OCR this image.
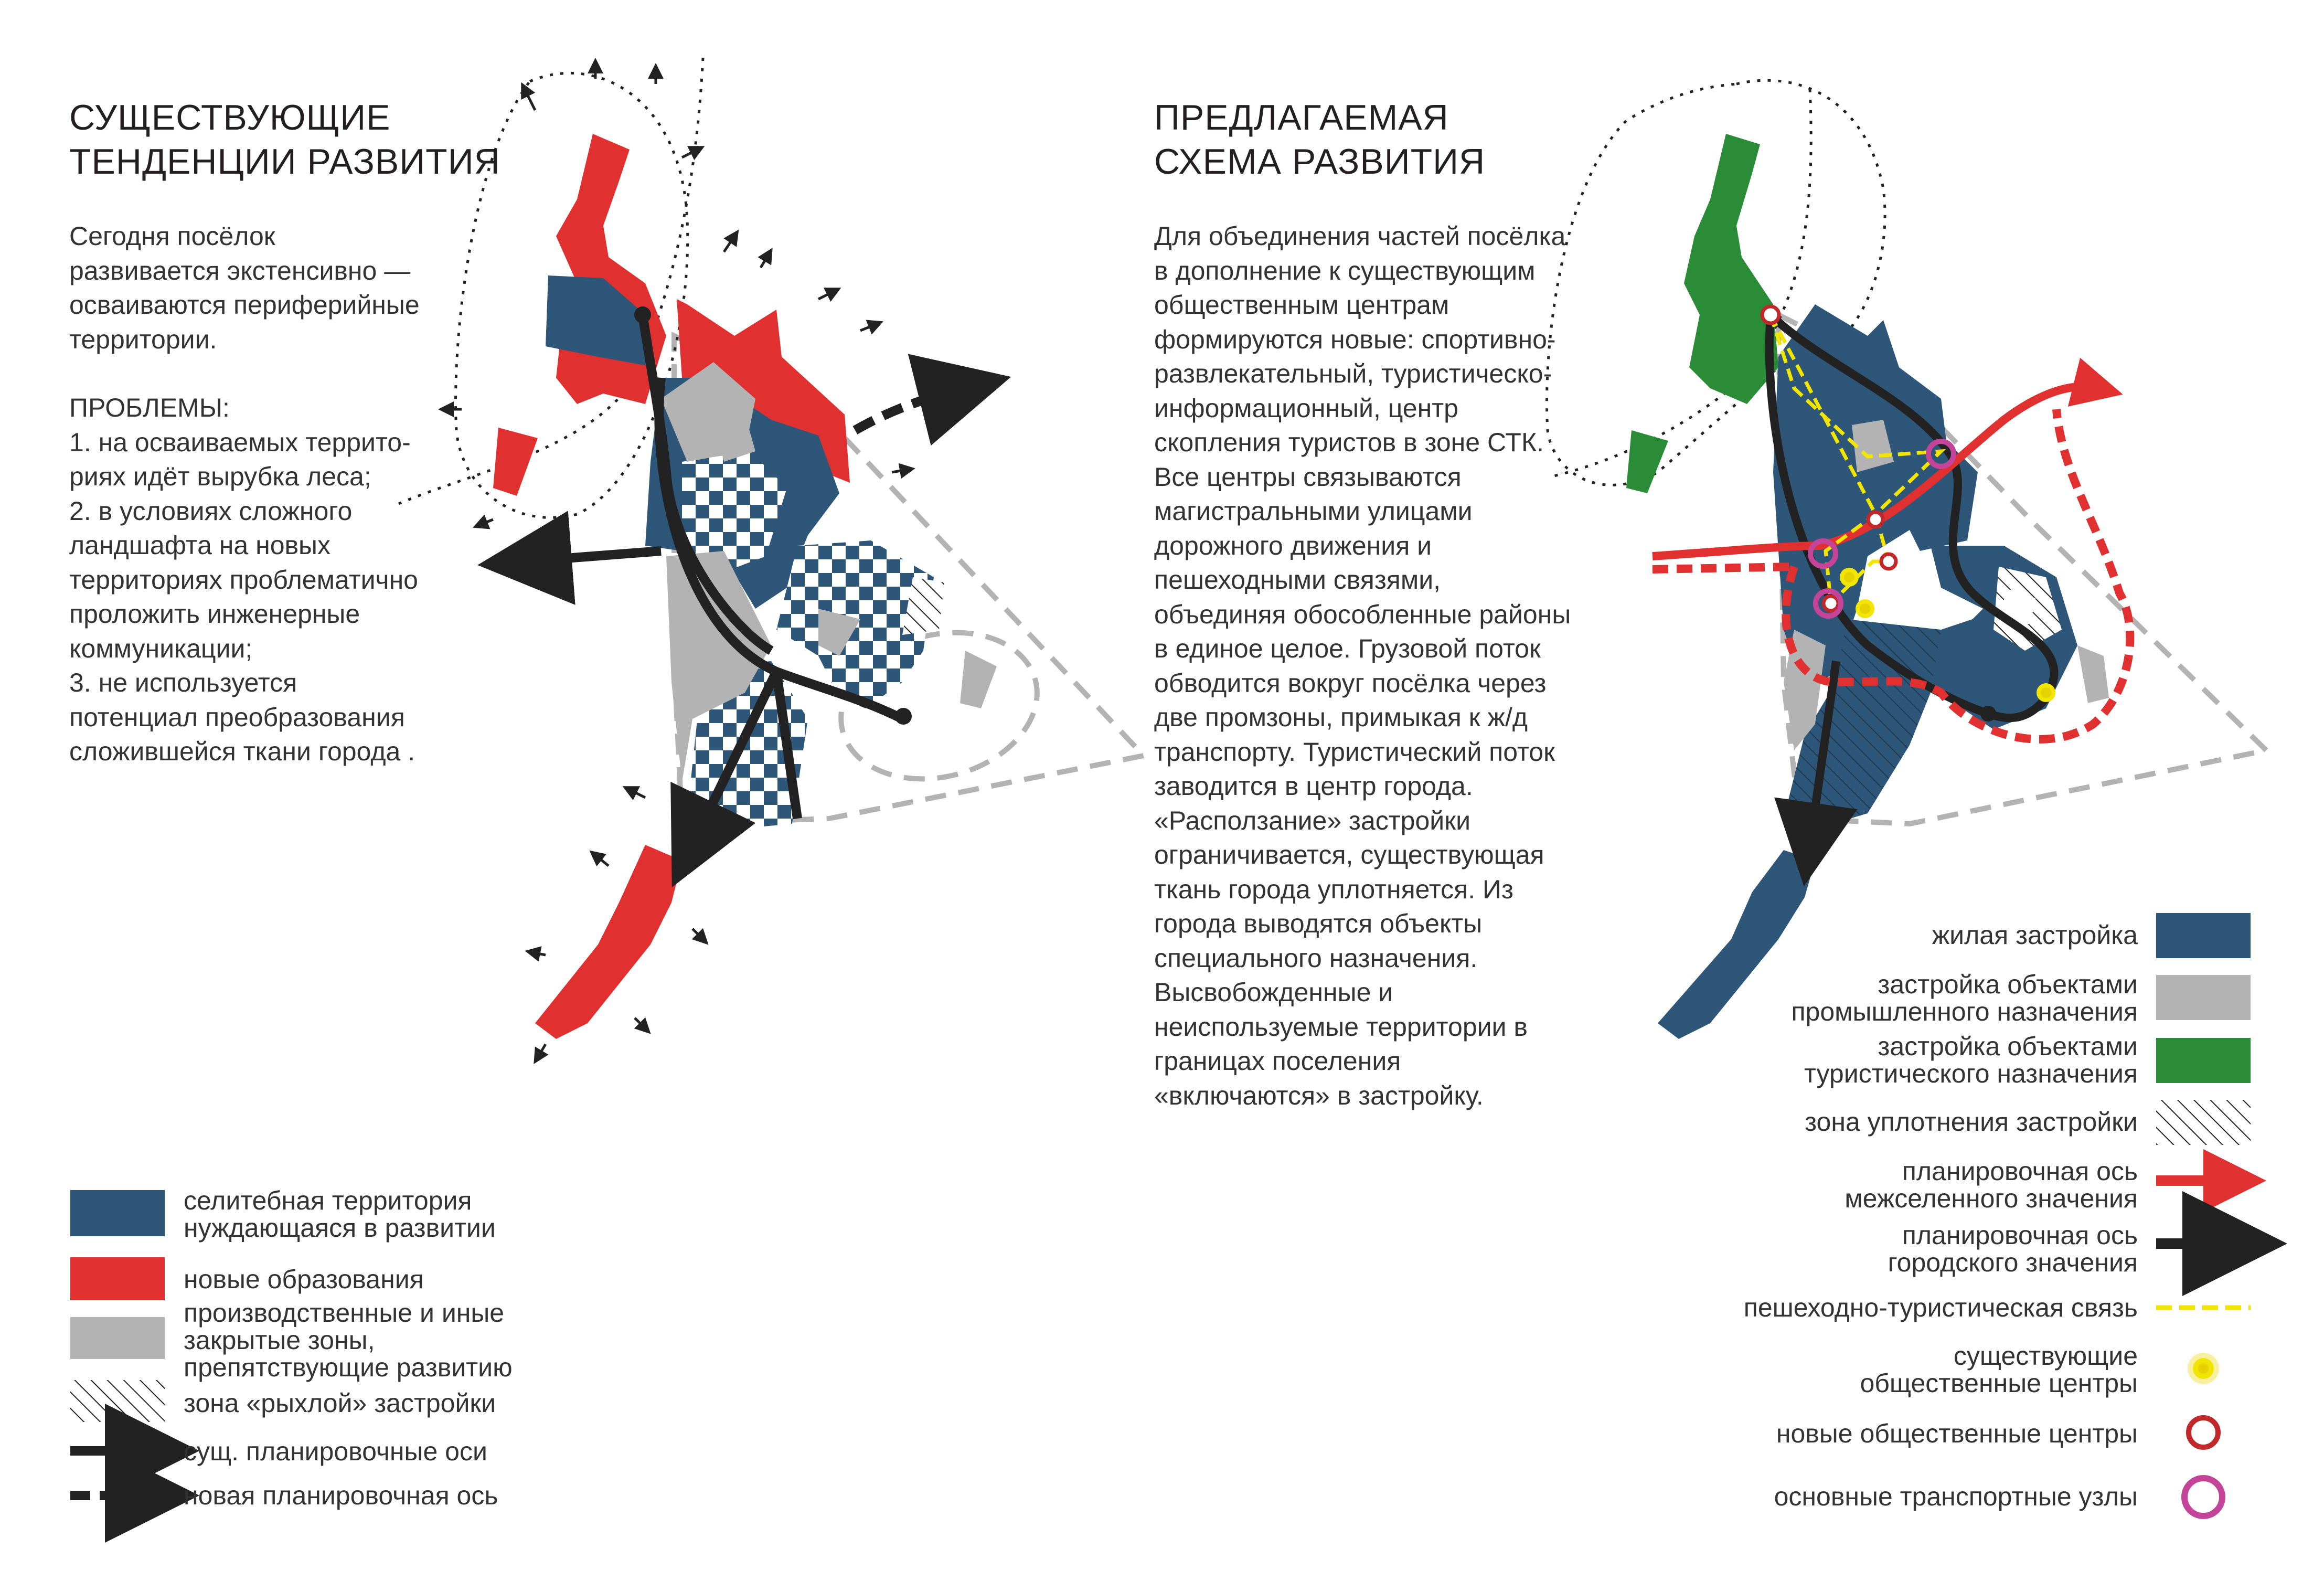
СУЩЕСТВУЮЩИЕ
ТЕНДЕНЦИИ РАЗВИТИЯ
Сегодня посёлок
развивается экстенсивно —
осваиваются периферийные
территории.
ПРОБЛЕМЫ:
1. на осваиваемых террито-
риях идёт вырубка леса;
2. в условиях сложного
ландшафта на новых
территориях проблематично
проложить инженерные
коммуникации;
3. не используется
потенциал преобразования
сложившейся ткани города .
селитебная территория
нуждающаяся в развитии
новые образования
производственные и иные
закрытые зоны,
препятствующие развитию
зона «рыхлой» застройки
сущ. планировочные оси
новая планировочная ось
ПРЕДЛАГАЕМАЯ
СХЕМА РАЗВИТИЯ
Для объединения частей посёлка
в дополнение к существующим
общественным центрам
формируются новые: спортивно-
развлекательный, туристическо-
информационный, центр
скопления туристов в зоне СТК.
Все центры связываются
магистральными улицами
дорожного движения и
пешеходными связями,
объединяя обособленные районы
в единое целое. Грузовой поток
обводится вокруг посёлка через
две промзоны, примыкая к ж/д
транспорту. Туристический поток
заводится в центр города.
«Расползание» застройки
ограничивается, существующая
ткань города уплотняется. Из
города выводятся объекты
специального назначения.
Высвобожденные и
неиспользуемые территории в
границах поселения
«включаются» в застройку.
жилая застройка
застройка объектами
промышленного назначения
застройка объектами
туристического назначения
зона уплотнения застройки
планировочная ось
межселенного значения
планировочная ось
городского значения
пешеходно-туристическая связь
существующие
общественные центры
новые общественные центры
основные транспортные узлы
